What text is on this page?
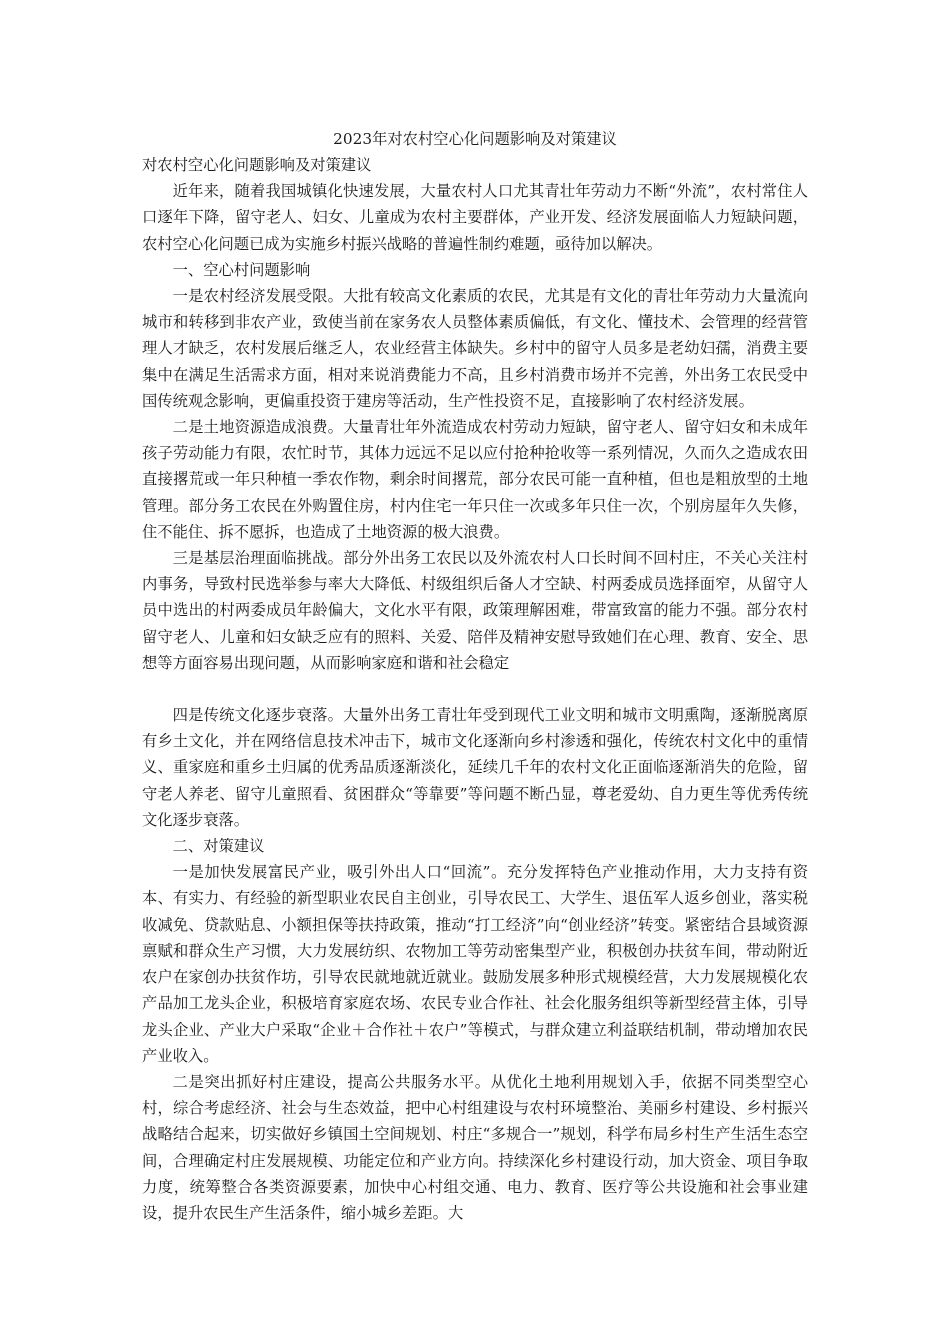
2023年对农村空心化问题影响及对策建议

对农村空心化问题影响及对策建议

近年来，随着我国城镇化快速发展，大量农村人口尤其青壮年劳动力不断“外流”，农村常住人口逐年下降，留守老人、妇女、儿童成为农村主要群体，产业开发、经济发展面临人力短缺问题，农村空心化问题已成为实施乡村振兴战略的普遍性制约难题，亟待加以解决。

一、空心村问题影响

一是农村经济发展受限。大批有较高文化素质的农民，尤其是有文化的青壮年劳动力大量流向城市和转移到非农产业，致使当前在家务农人员整体素质偏低，有文化、懂技术、会管理的经营管理人才缺乏，农村发展后继乏人，农业经营主体缺失。乡村中的留守人员多是老幼妇孺，消费主要集中在满足生活需求方面，相对来说消费能力不高，且乡村消费市场并不完善，外出务工农民受中国传统观念影响，更偏重投资于建房等活动，生产性投资不足，直接影响了农村经济发展。

二是土地资源造成浪费。大量青壮年外流造成农村劳动力短缺，留守老人、留守妇女和未成年孩子劳动能力有限，农忙时节，其体力远远不足以应付抢种抢收等一系列情况，久而久之造成农田直接撂荒或一年只种植一季农作物，剩余时间撂荒，部分农民可能一直种植，但也是粗放型的土地管理。部分务工农民在外购置住房，村内住宅一年只住一次或多年只住一次，个别房屋年久失修，住不能住、拆不愿拆，也造成了土地资源的极大浪费。

三是基层治理面临挑战。部分外出务工农民以及外流农村人口长时间不回村庄，不关心关注村内事务，导致村民选举参与率大大降低、村级组织后备人才空缺、村两委成员选择面窄，从留守人员中选出的村两委成员年龄偏大，文化水平有限，政策理解困难，带富致富的能力不强。部分农村留守老人、儿童和妇女缺乏应有的照料、关爱、陪伴及精神安慰导致她们在心理、教育、安全、思想等方面容易出现问题，从而影响家庭和谐和社会稳定

四是传统文化逐步衰落。大量外出务工青壮年受到现代工业文明和城市文明熏陶，逐渐脱离原有乡土文化，并在网络信息技术冲击下，城市文化逐渐向乡村渗透和强化，传统农村文化中的重情义、重家庭和重乡土归属的优秀品质逐渐淡化，延续几千年的农村文化正面临逐渐消失的危险，留守老人养老、留守儿童照看、贫困群众“等靠要”等问题不断凸显，尊老爱幼、自力更生等优秀传统文化逐步衰落。

二、对策建议

一是加快发展富民产业，吸引外出人口“回流”。充分发挥特色产业推动作用，大力支持有资本、有实力、有经验的新型职业农民自主创业，引导农民工、大学生、退伍军人返乡创业，落实税收减免、贷款贴息、小额担保等扶持政策，推动“打工经济”向“创业经济”转变。紧密结合县域资源禀赋和群众生产习惯，大力发展纺织、农物加工等劳动密集型产业，积极创办扶贫车间，带动附近农户在家创办扶贫作坊，引导农民就地就近就业。鼓励发展多种形式规模经营，大力发展规模化农产品加工龙头企业，积极培育家庭农场、农民专业合作社、社会化服务组织等新型经营主体，引导龙头企业、产业大户采取“企业＋合作社＋农户”等模式，与群众建立利益联结机制，带动增加农民产业收入。

二是突出抓好村庄建设，提高公共服务水平。从优化土地利用规划入手，依据不同类型空心村，综合考虑经济、社会与生态效益，把中心村组建设与农村环境整治、美丽乡村建设、乡村振兴战略结合起来，切实做好乡镇国土空间规划、村庄“多规合一”规划，科学布局乡村生产生活生态空间，合理确定村庄发展规模、功能定位和产业方向。持续深化乡村建设行动，加大资金、项目争取力度，统筹整合各类资源要素，加快中心村组交通、电力、教育、医疗等公共设施和社会事业建设，提升农民生产生活条件，缩小城乡差距。大
